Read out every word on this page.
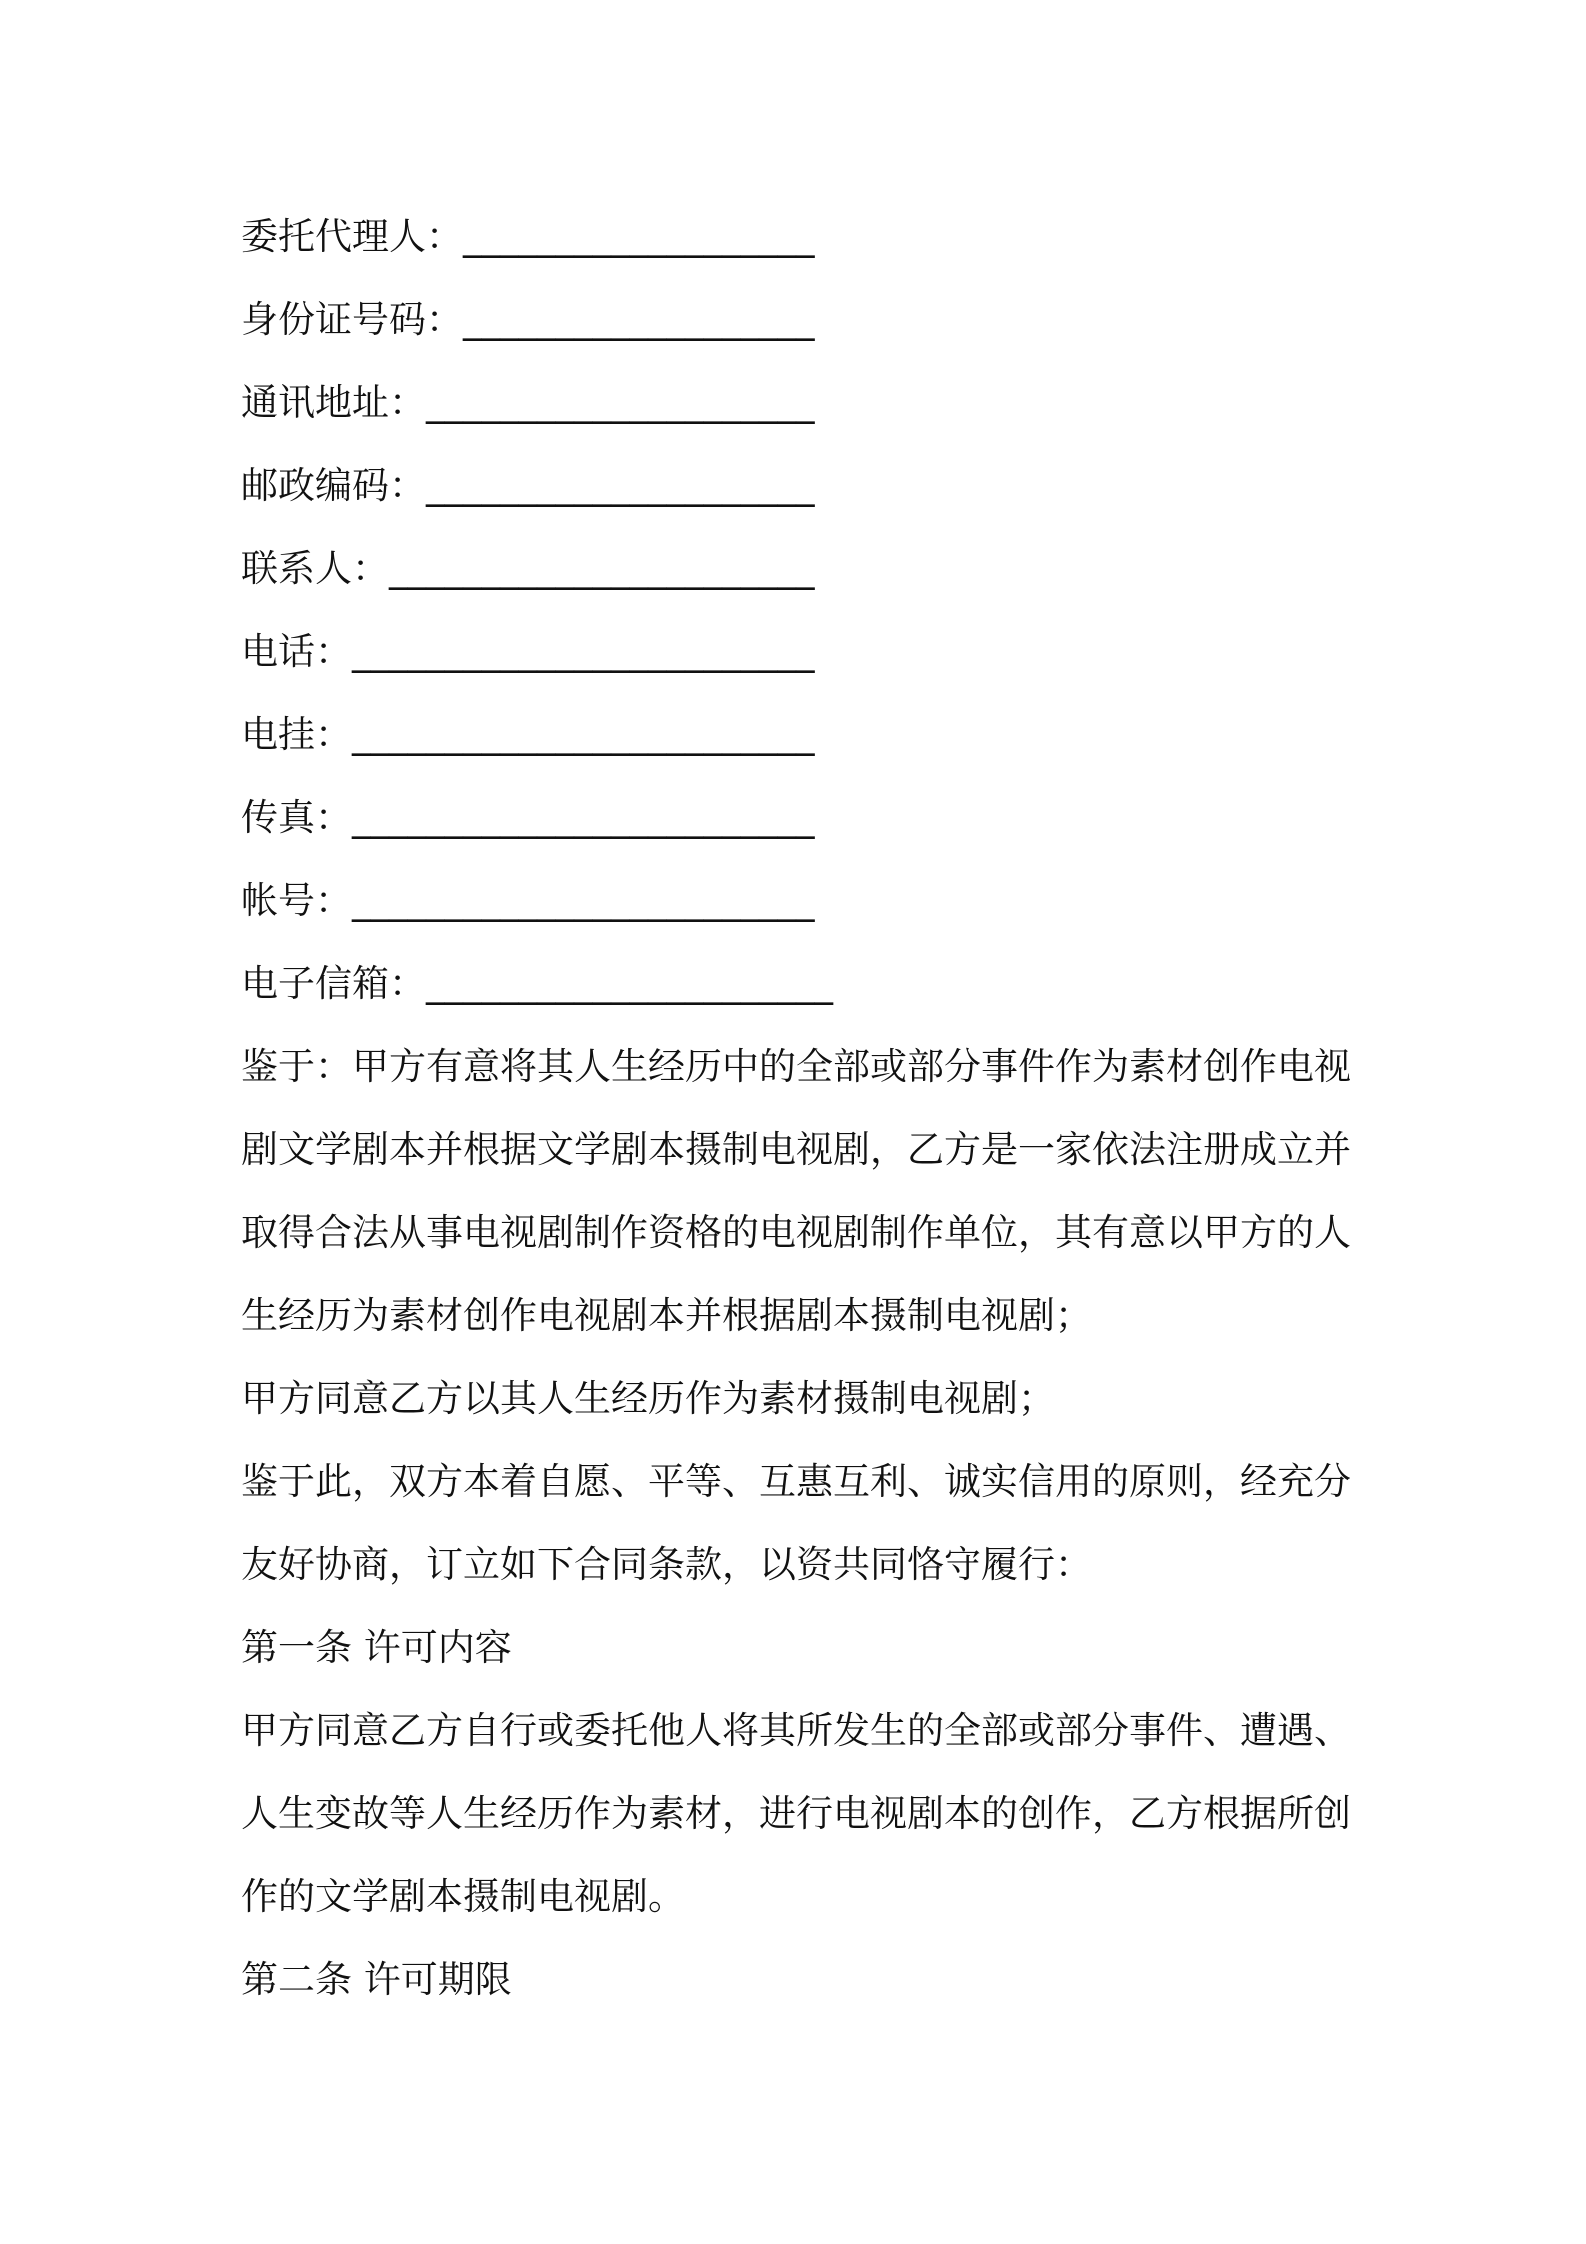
委托代理人：___________________
身份证号码：___________________
通讯地址：_____________________
邮政编码：_____________________
联系人：_______________________
电话：_________________________
电挂：_________________________
传真：_________________________
帐号：_________________________
电子信箱：______________________
鉴于：甲方有意将其人生经历中的全部或部分事件作为素材创作电视
剧文学剧本并根据文学剧本摄制电视剧，乙方是一家依法注册成立并
取得合法从事电视剧制作资格的电视剧制作单位，其有意以甲方的人
生经历为素材创作电视剧本并根据剧本摄制电视剧；
甲方同意乙方以其人生经历作为素材摄制电视剧；
鉴于此，双方本着自愿、平等、互惠互利、诚实信用的原则，经充分
友好协商，订立如下合同条款，以资共同恪守履行：
第一条 许可内容
甲方同意乙方自行或委托他人将其所发生的全部或部分事件、遭遇、
人生变故等人生经历作为素材，进行电视剧本的创作，乙方根据所创
作的文学剧本摄制电视剧。
第二条 许可期限
